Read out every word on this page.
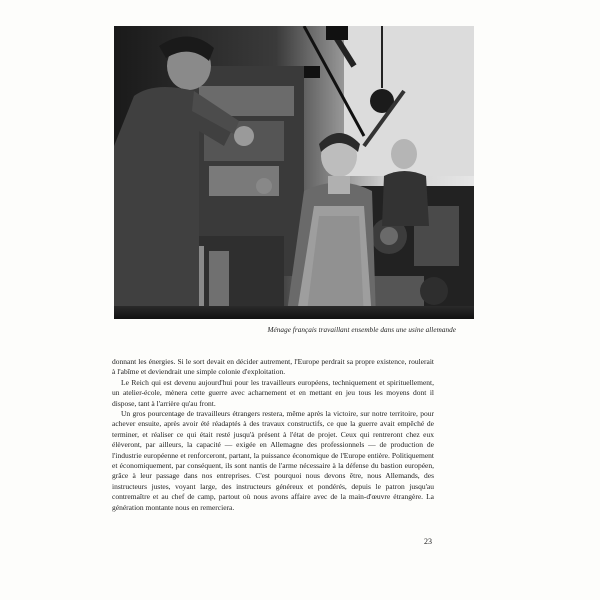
Ménage français travaillant ensemble dans une usine allemande

donnant les énergies. Si le sort devait en décider autrement, l'Europe perdrait sa propre existence, roulerait à l'abîme et deviendrait une simple colonie d'exploitation.

Le Reich qui est devenu aujourd'hui pour les travailleurs européens, techniquement et spirituellement, un atelier-école, mènera cette guerre avec acharnement et en mettant en jeu tous les moyens dont il dispose, tant à l'arrière qu'au front.

Un gros pourcentage de travailleurs étrangers restera, même après la victoire, sur notre territoire, pour achever ensuite, après avoir été réadaptés à des travaux constructifs, ce que la guerre avait empêché de terminer, et réaliser ce qui était resté jusqu'à présent à l'état de projet. Ceux qui rentreront chez eux élèveront, par ailleurs, la capacité — exigée en Allemagne des professionnels — de production de l'industrie européenne et renforceront, partant, la puissance économique de l'Europe entière. Politiquement et économiquement, par conséquent, ils sont nantis de l'arme nécessaire à la défense du bastion européen, grâce à leur passage dans nos entreprises. C'est pourquoi nous devons être, nous Allemands, des instructeurs justes, voyant large, des instructeurs généreux et pondérés, depuis le patron jusqu'au contremaître et au chef de camp, partout où nous avons affaire avec de la main-d'œuvre étrangère. La génération montante nous en remerciera.

23
